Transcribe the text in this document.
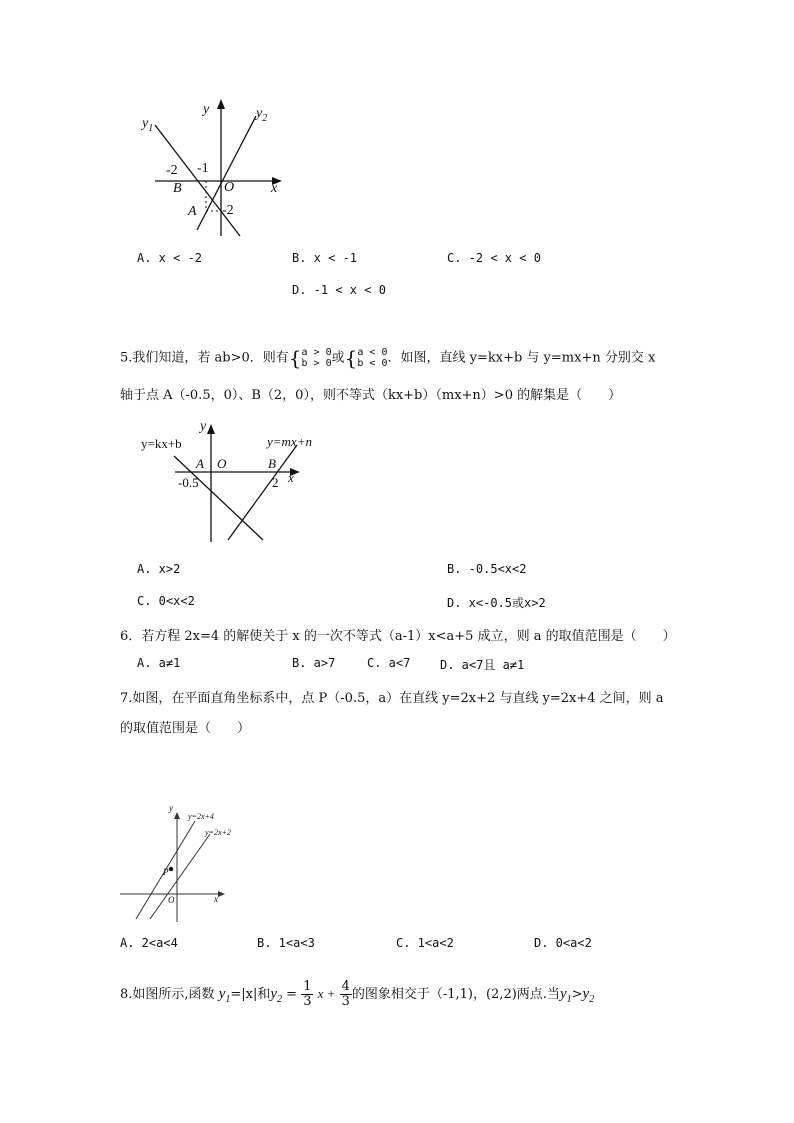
$y_1$
$y_2$
y
x
-2 -1
B	O
A -2
A. x < -2	B. x < -1	C. -2 < x < 0
D. -1 < x < 0
5.我们知道，若 ab>0．则有{a > 0
b > 0或{a < 0
b < 0．如图，直线 y=kx+b 与 y=mx+n 分别交 x
轴于点 A（-0.5，0）、B（2，0），则不等式（kx+b）（mx+n）>0 的解集是（　　）
y=kx+b	y=mx+n
y
x
A O	B
-0.5	2
A. x>2	B. -0.5<x<2
C. 0<x<2	D. x<-0.5或x>2
6．若方程 2x=4 的解使关于 x 的一次不等式（a-1）x<a+5 成立，则 a 的取值范围是（　　）
A. a≠1	B. a>7	C. a<7 D. a<7且 a≠1
7.如图，在平面直角坐标系中，点 P（-0.5，a）在直线 y=2x+2 与直线 y=2x+4 之间，则 a
的取值范围是（　　）
y
x
y=2x+4
y=2x+2
P
O
A. 2<a<4	B. 1<a<3	C. 1<a<2	D. 0<a<2
8.如图所示,函数 $y_1=|x|$和$y_2 = \frac{1}{3}$ $x + \frac{4}{3}$ 的图象相交于（-1,1)，(2,2)两点.当$y_1>y_2$
